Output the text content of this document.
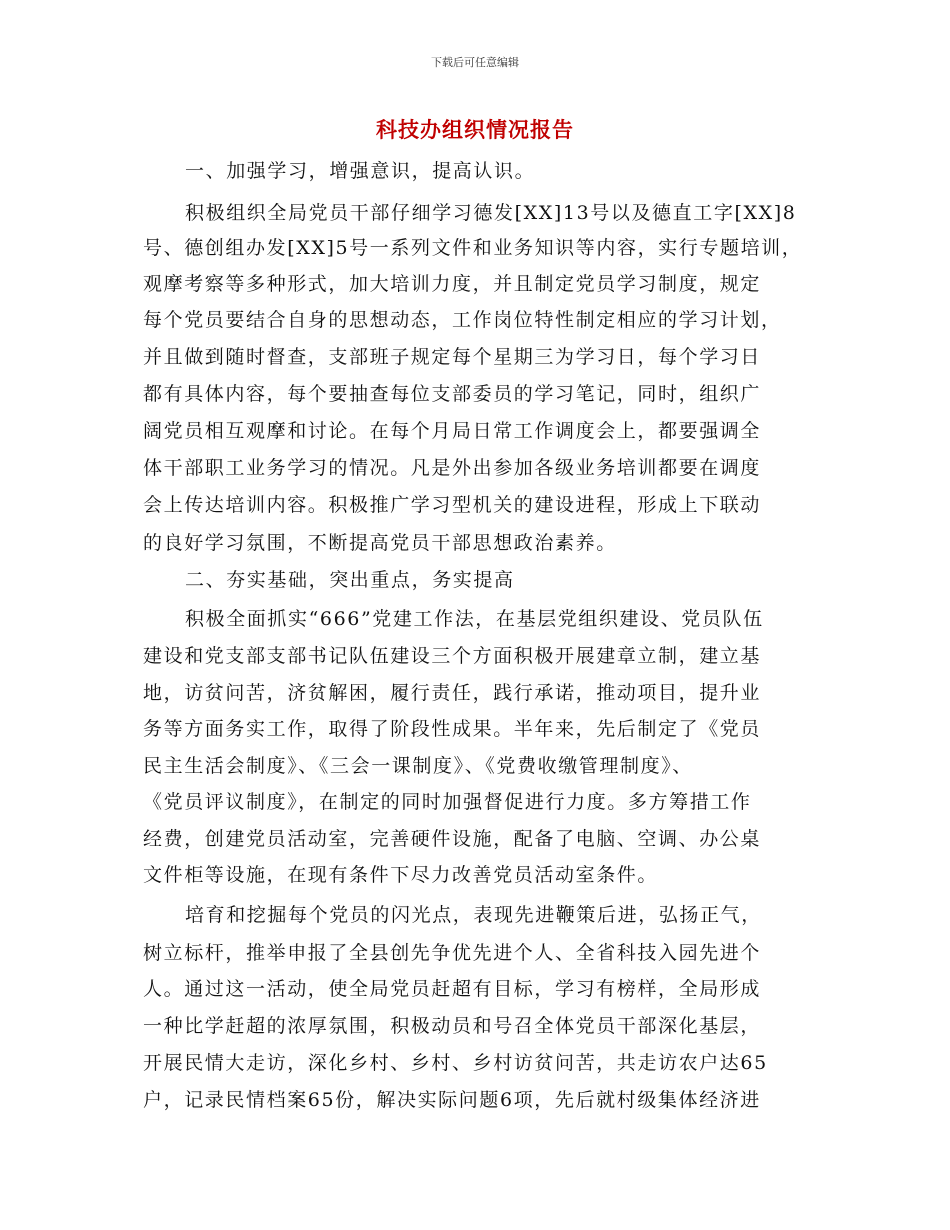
下载后可任意编辑
科技办组织情况报告
一、加强学习，增强意识，提高认识。
积极组织全局党员干部仔细学习德发[XX]13号以及德直工字[XX]8
号、德创组办发[XX]5号一系列文件和业务知识等内容，实行专题培训，
观摩考察等多种形式，加大培训力度，并且制定党员学习制度，规定
每个党员要结合自身的思想动态，工作岗位特性制定相应的学习计划，
并且做到随时督查，支部班子规定每个星期三为学习日，每个学习日
都有具体内容，每个要抽查每位支部委员的学习笔记，同时，组织广
阔党员相互观摩和讨论。在每个月局日常工作调度会上，都要强调全
体干部职工业务学习的情况。凡是外出参加各级业务培训都要在调度
会上传达培训内容。积极推广学习型机关的建设进程，形成上下联动
的良好学习氛围，不断提高党员干部思想政治素养。
二、夯实基础，突出重点，务实提高
积极全面抓实“666”党建工作法，在基层党组织建设、党员队伍
建设和党支部支部书记队伍建设三个方面积极开展建章立制，建立基
地，访贫问苦，济贫解困，履行责任，践行承诺，推动项目，提升业
务等方面务实工作，取得了阶段性成果。半年来，先后制定了《党员
民主生活会制度》、《三会一课制度》、《党费收缴管理制度》、
《党员评议制度》，在制定的同时加强督促进行力度。多方筹措工作
经费，创建党员活动室，完善硬件设施，配备了电脑、空调、办公桌
文件柜等设施，在现有条件下尽力改善党员活动室条件。
培育和挖掘每个党员的闪光点，表现先进鞭策后进，弘扬正气，
树立标杆，推举申报了全县创先争优先进个人、全省科技入园先进个
人。通过这一活动，使全局党员赶超有目标，学习有榜样，全局形成
一种比学赶超的浓厚氛围，积极动员和号召全体党员干部深化基层，
开展民情大走访，深化乡村、乡村、乡村访贫问苦，共走访农户达65
户，记录民情档案65份，解决实际问题6项，先后就村级集体经济进
